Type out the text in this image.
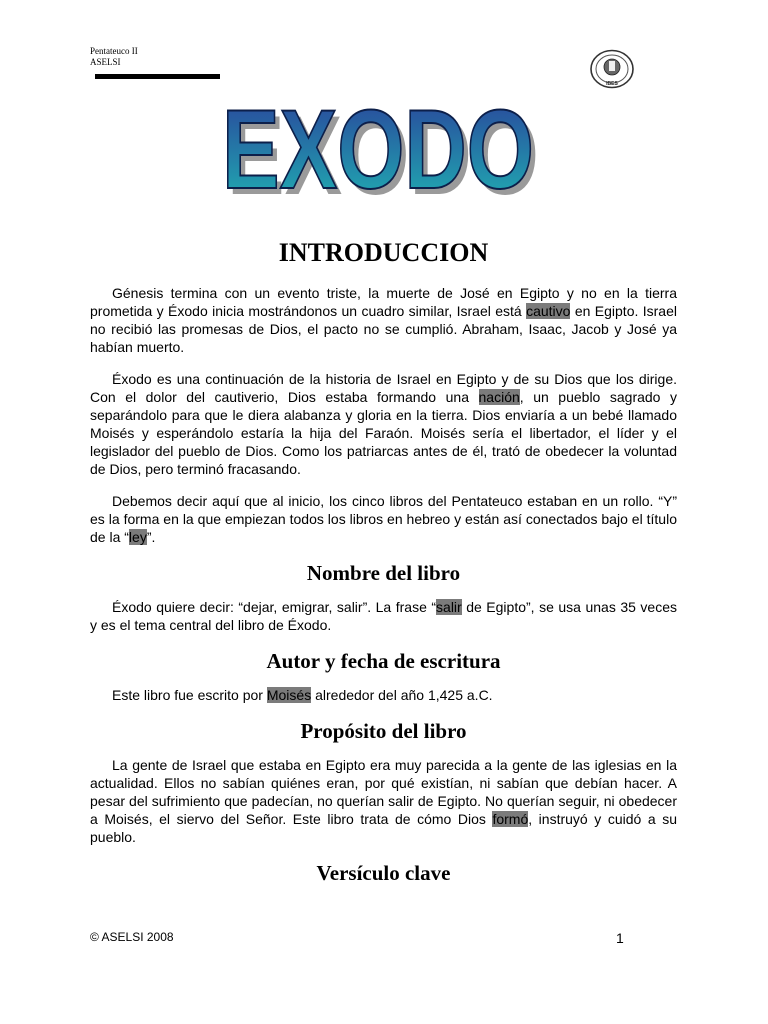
Pentateuco II
ASELSI
IBES
EXODO
EXODO
INTRODUCCION

Génesis termina con un evento triste, la muerte de José en Egipto y no en la tierra prometida y Éxodo inicia mostrándonos un cuadro similar, Israel está cautivo en Egipto. Israel no recibió las promesas de Dios, el pacto no se cumplió. Abraham, Isaac, Jacob y José ya habían muerto.

Éxodo es una continuación de la historia de Israel en Egipto y de su Dios que los dirige. Con el dolor del cautiverio, Dios estaba formando una nación, un pueblo sagrado y separándolo para que le diera alabanza y gloria en la tierra. Dios enviaría a un bebé llamado Moisés y esperándolo estaría la hija del Faraón. Moisés sería el libertador, el líder y el legislador del pueblo de Dios. Como los patriarcas antes de él, trató de obedecer la voluntad de Dios, pero terminó fracasando.

Debemos decir aquí que al inicio, los cinco libros del Pentateuco estaban en un rollo. “Y” es la forma en la que empiezan todos los libros en hebreo y están así conectados bajo el título de la “ley”.

Nombre del libro

Éxodo quiere decir: “dejar, emigrar, salir”. La frase “salir de Egipto”, se usa unas 35 veces y es el tema central del libro de Éxodo.

Autor y fecha de escritura

Este libro fue escrito por Moisés alrededor del año 1,425 a.C.

Propósito del libro

La gente de Israel que estaba en Egipto era muy parecida a la gente de las iglesias en la actualidad. Ellos no sabían quiénes eran, por qué existían, ni sabían que debían hacer. A pesar del sufrimiento que padecían, no querían salir de Egipto. No querían seguir, ni obedecer a Moisés, el siervo del Señor. Este libro trata de cómo Dios formó, instruyó y cuidó a su pueblo.

Versículo clave
© ASELSI 2008	1
